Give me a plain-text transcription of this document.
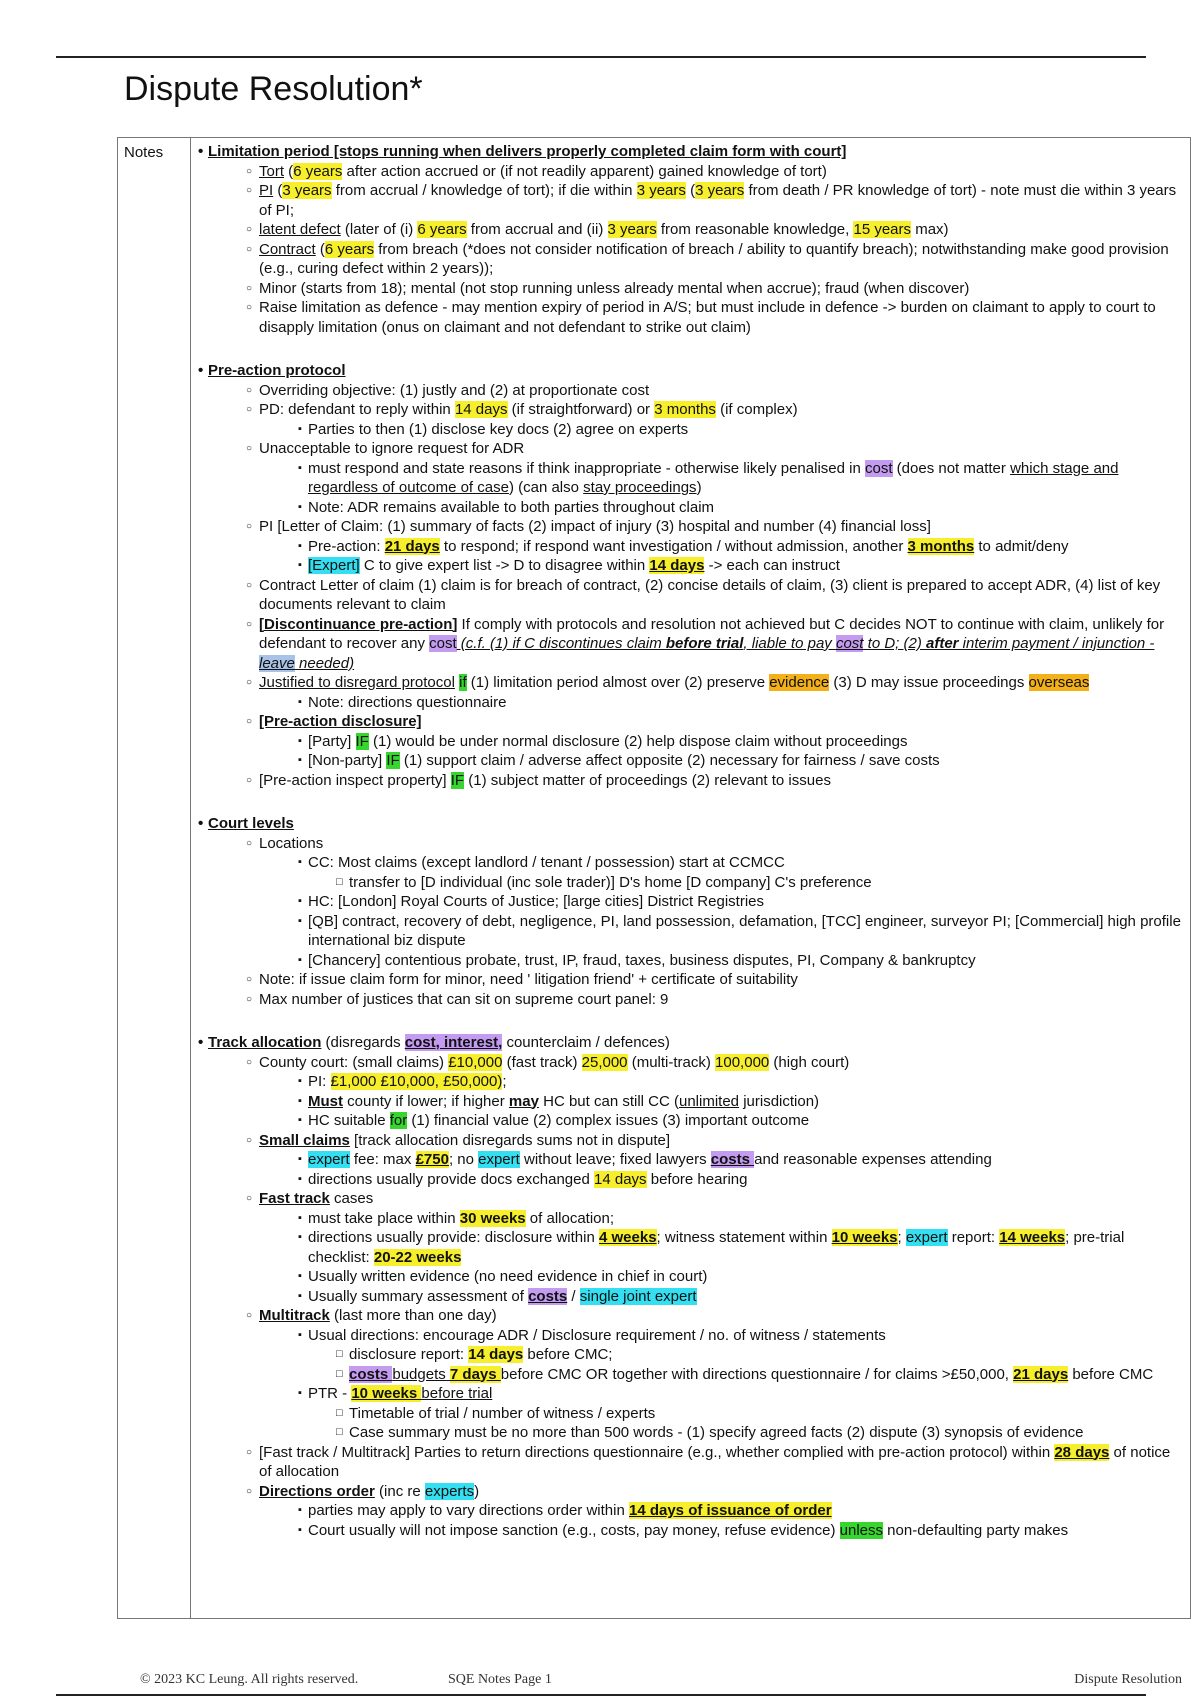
Dispute Resolution*
Notes
•	Limitation period [stops running when delivers properly completed claim form with court]
○ Tort (6 years after action accrued or (if not readily apparent) gained knowledge of tort)
○ PI (3 years from accrual / knowledge of tort); if die within 3 years (3 years from death / PR knowledge of tort) - note must die within 3 years of PI;
○ latent defect (later of (i) 6 years from accrual and (ii) 3 years from reasonable knowledge, 15 years max)
○ Contract (6 years from breach (*does not consider notification of breach / ability to quantify breach); notwithstanding make good provision (e.g., curing defect within 2 years));
○ Minor (starts from 18); mental (not stop running unless already mental when accrue); fraud (when discover)
○ Raise limitation as defence - may mention expiry of period in A/S; but must include in defence -> burden on claimant to apply to court to disapply limitation (onus on claimant and not defendant to strike out claim)
• Pre-action protocol
○ Overriding objective: (1) justly and (2) at proportionate cost
○ PD: defendant to reply within 14 days (if straightforward) or 3 months (if complex)
▪ Parties to then (1) disclose key docs (2) agree on experts
○ Unacceptable to ignore request for ADR
▪ must respond and state reasons if think inappropriate - otherwise likely penalised in cost (does not matter which stage and regardless of outcome of case) (can also stay proceedings)
▪ Note: ADR remains available to both parties throughout claim
○ PI [Letter of Claim: (1) summary of facts (2) impact of injury (3) hospital and number (4) financial loss]
▪ Pre-action: 21 days to respond; if respond want investigation / without admission, another 3 months to admit/deny
▪ [Expert] C to give expert list -> D to disagree within 14 days -> each can instruct
○ Contract Letter of claim (1) claim is for breach of contract, (2) concise details of claim, (3) client is prepared to accept ADR, (4) list of key documents relevant to claim
○ [Discontinuance pre-action] If comply with protocols and resolution not achieved but C decides NOT to continue with claim, unlikely for defendant to recover any cost (c.f. (1) if C discontinues claim before trial, liable to pay cost to D; (2) after interim payment / injunction - leave needed)
○ Justified to disregard protocol if (1) limitation period almost over (2) preserve evidence (3) D may issue proceedings overseas
▪ Note: directions questionnaire
○ [Pre-action disclosure]
▪ [Party] IF (1) would be under normal disclosure (2) help dispose claim without proceedings
▪ [Non-party] IF (1) support claim / adverse affect opposite (2) necessary for fairness / save costs
○ [Pre-action inspect property] IF (1) subject matter of proceedings (2) relevant to issues
• Court levels
○ Locations
▪ CC: Most claims (except landlord / tenant / possession) start at CCMCC
□ transfer to [D individual (inc sole trader)] D's home [D company] C's preference
▪ HC: [London] Royal Courts of Justice; [large cities] District Registries
▪ [QB] contract, recovery of debt, negligence, PI, land possession, defamation, [TCC] engineer, surveyor PI; [Commercial] high profile international biz dispute
▪ [Chancery] contentious probate, trust, IP, fraud, taxes, business disputes, PI, Company & bankruptcy
○ Note: if issue claim form for minor, need ' litigation friend' + certificate of suitability
○ Max number of justices that can sit on supreme court panel: 9
• Track allocation (disregards cost, interest, counterclaim / defences)
○ County court: (small claims) £10,000 (fast track) 25,000 (multi-track) 100,000 (high court)
▪ PI: £1,000 £10,000, £50,000);
▪ Must county if lower; if higher may HC but can still CC (unlimited jurisdiction)
▪ HC suitable for (1) financial value (2) complex issues (3) important outcome
○ Small claims [track allocation disregards sums not in dispute]
▪ expert fee: max £750; no expert without leave; fixed lawyers costs and reasonable expenses attending
▪ directions usually provide docs exchanged 14 days before hearing
○ Fast track cases
▪ must take place within 30 weeks of allocation;
▪ directions usually provide: disclosure within 4 weeks; witness statement within 10 weeks; expert report: 14 weeks; pre-trial checklist: 20-22 weeks
▪ Usually written evidence (no need evidence in chief in court)
▪ Usually summary assessment of costs / single joint expert
○ Multitrack (last more than one day)
▪ Usual directions: encourage ADR / Disclosure requirement / no. of witness / statements
□ disclosure report: 14 days before CMC;
□ costs budgets 7 days before CMC OR together with directions questionnaire / for claims >£50,000, 21 days before CMC
▪ PTR - 10 weeks before trial
□ Timetable of trial / number of witness / experts
□ Case summary must be no more than 500 words - (1) specify agreed facts (2) dispute (3) synopsis of evidence
○ [Fast track / Multitrack] Parties to return directions questionnaire (e.g., whether complied with pre-action protocol) within 28 days of notice of allocation
○ Directions order (inc re experts)
▪ parties may apply to vary directions order within 14 days of issuance of order
▪ Court usually will not impose sanction (e.g., costs, pay money, refuse evidence) unless non-defaulting party makes
© 2023 KC Leung. All rights reserved.	SQE Notes Page 1	Dispute Resolution
